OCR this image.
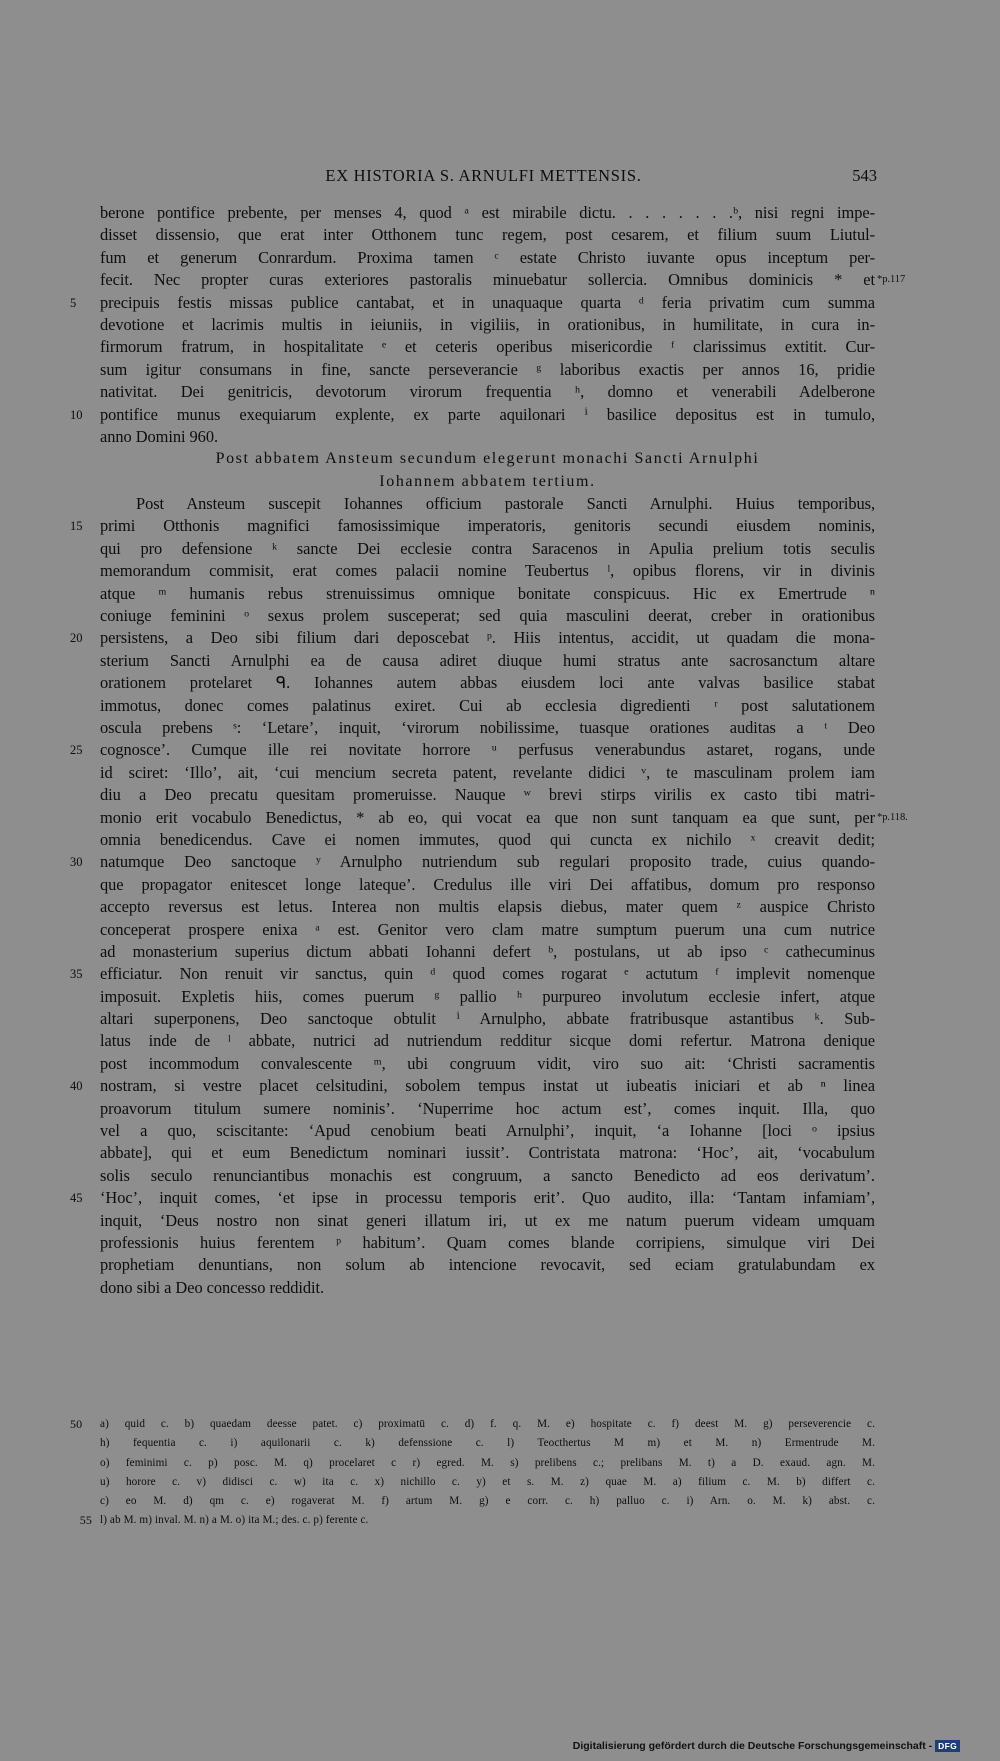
EX HISTORIA S. ARNULFI METTENSIS.	543
berone pontifice prebente, per menses 4, quod ᵃ est mirabile dictu. . . . . . . .ᵇ, nisi regni impe-
disset dissensio, que erat inter Otthonem tunc regem, post cesarem, et filium suum Liutul-
fum et generum Conrardum. Proxima tamen ᶜ estate Christo iuvante opus inceptum per-
fecit. Nec propter curas exteriores pastoralis minuebatur sollercia. Omnibus dominicis * et *p.117
precipuis festis missas publice cantabat, et in unaquaque quarta ᵈ feria privatim cum summa
5
devotione et lacrimis multis in ieiuniis, in vigiliis, in orationibus, in humilitate, in cura in-
firmorum fratrum, in hospitalitate ᵉ et ceteris operibus misericordie ᶠ clarissimus extitit. Cur-
sum igitur consumans in fine, sancte perseverancie ᵍ laboribus exactis per annos 16, pridie
nativitat. Dei genitricis, devotorum virorum frequentia ʰ, domno et venerabili Adelberone
pontifice munus exequiarum explente, ex parte aquilonari ⁱ basilice depositus est in tumulo,
10
anno Domini 960.
Post abbatem Ansteum secundum elegerunt monachi Sancti Arnulphi
Iohannem abbatem tertium.
Post Ansteum suscepit Iohannes officium pastorale Sancti Arnulphi. Huius temporibus,
primi Otthonis magnifici famosissimique imperatoris, genitoris secundi eiusdem nominis,
15
qui pro defensione ᵏ sancte Dei ecclesie contra Saracenos in Apulia prelium totis seculis
memorandum commisit, erat comes palacii nomine Teubertus ˡ, opibus florens, vir in divinis
atque ᵐ humanis rebus strenuissimus omnique bonitate conspicuus. Hic ex Emertrude ⁿ
coniuge feminini ᵒ sexus prolem susceperat; sed quia masculini deerat, creber in orationibus
persistens, a Deo sibi filium dari deposcebat ᵖ. Hiis intentus, accidit, ut quadam die mona-
20
sterium Sancti Arnulphi ea de causa adiret diuque humi stratus ante sacrosanctum altare
orationem protelaret ᑫ. Iohannes autem abbas eiusdem loci ante valvas basilice stabat
immotus, donec comes palatinus exiret. Cui ab ecclesia digredienti ʳ post salutationem
oscula prebens ˢ: ‘Letare’, inquit, ‘virorum nobilissime, tuasque orationes auditas a ᵗ Deo
cognosce’. Cumque ille rei novitate horrore ᵘ perfusus venerabundus astaret, rogans, unde
25
id sciret: ‘Illo’, ait, ‘cui mencium secreta patent, revelante didici ᵛ, te masculinam prolem iam
diu a Deo precatu quesitam promeruisse. Nauque ʷ brevi stirps virilis ex casto tibi matri-
monio erit vocabulo Benedictus, * ab eo, qui vocat ea que non sunt tanquam ea que sunt, per *p.118.
omnia benedicendus. Cave ei nomen immutes, quod qui cuncta ex nichilo ˣ creavit dedit;
natumque Deo sanctoque ʸ Arnulpho nutriendum sub regulari proposito trade, cuius quando-
30
que propagator enitescet longe lateque’. Credulus ille viri Dei affatibus, domum pro responso
accepto reversus est letus. Interea non multis elapsis diebus, mater quem ᶻ auspice Christo
conceperat prospere enixa ᵃ est. Genitor vero clam matre sumptum puerum una cum nutrice
ad monasterium superius dictum abbati Iohanni defert ᵇ, postulans, ut ab ipso ᶜ cathecuminus
efficiatur. Non renuit vir sanctus, quin ᵈ quod comes rogarat ᵉ actutum ᶠ implevit nomenque
35
imposuit. Expletis hiis, comes puerum ᵍ pallio ʰ purpureo involutum ecclesie infert, atque
altari superponens, Deo sanctoque obtulit ⁱ Arnulpho, abbate fratribusque astantibus ᵏ. Sub-
latus inde de ˡ abbate, nutrici ad nutriendum redditur sicque domi refertur. Matrona denique
post incommodum convalescente ᵐ, ubi congruum vidit, viro suo ait: ‘Christi sacramentis
nostram, si vestre placet celsitudini, sobolem tempus instat ut iubeatis iniciari et ab ⁿ linea
40
proavorum titulum sumere nominis’. ‘Nuperrime hoc actum est’, comes inquit. Illa, quo
vel a quo, sciscitante: ‘Apud cenobium beati Arnulphi’, inquit, ‘a Iohanne [loci ᵒ ipsius
abbate], qui et eum Benedictum nominari iussit’. Contristata matrona: ‘Hoc’, ait, ‘vocabulum
solis seculo renunciantibus monachis est congruum, a sancto Benedicto ad eos derivatum’.
‘Hoc’, inquit comes, ‘et ipse in processu temporis erit’. Quo audito, illa: ‘Tantam infamiam’,
45
inquit, ‘Deus nostro non sinat generi illatum iri, ut ex me natum puerum videam umquam
professionis huius ferentem ᵖ habitum’. Quam comes blande corripiens, simulque viri Dei
prophetiam denuntians, non solum ab intencione revocavit, sed eciam gratulabundam ex
dono sibi a Deo concesso reddidit.
a) quid c. b) quaedam deesse patet. c) proximatū c. d) f. q. M. e) hospitate c. f) deest M. g) perseverencie c.
50
h) fequentia c. i) aquilonarii c. k) defenssione c. l) Teocthertus M m) et M. n) Ermentrude M.
o) feminimi c. p) posc. M. q) procelaret c r) egred. M. s) prelibens c.; prelibans M. t) a D. exaud. agn. M.
u) horore c. v) didisci c. w) ita c. x) nichillo c. y) et s. M. z) quae M. a) filium c. M. b) differt c.
c) eo M. d) qm c. e) rogaverat M. f) artum M. g) e corr. c. h) palluo c. i) Arn. o. M. k) abst. c.
l) ab M. m) inval. M. n) a M. o) ita M.; des. c. p) ferente c.
55
Digitalisierung gefördert durch die Deutsche Forschungsgemeinschaft - DFG
